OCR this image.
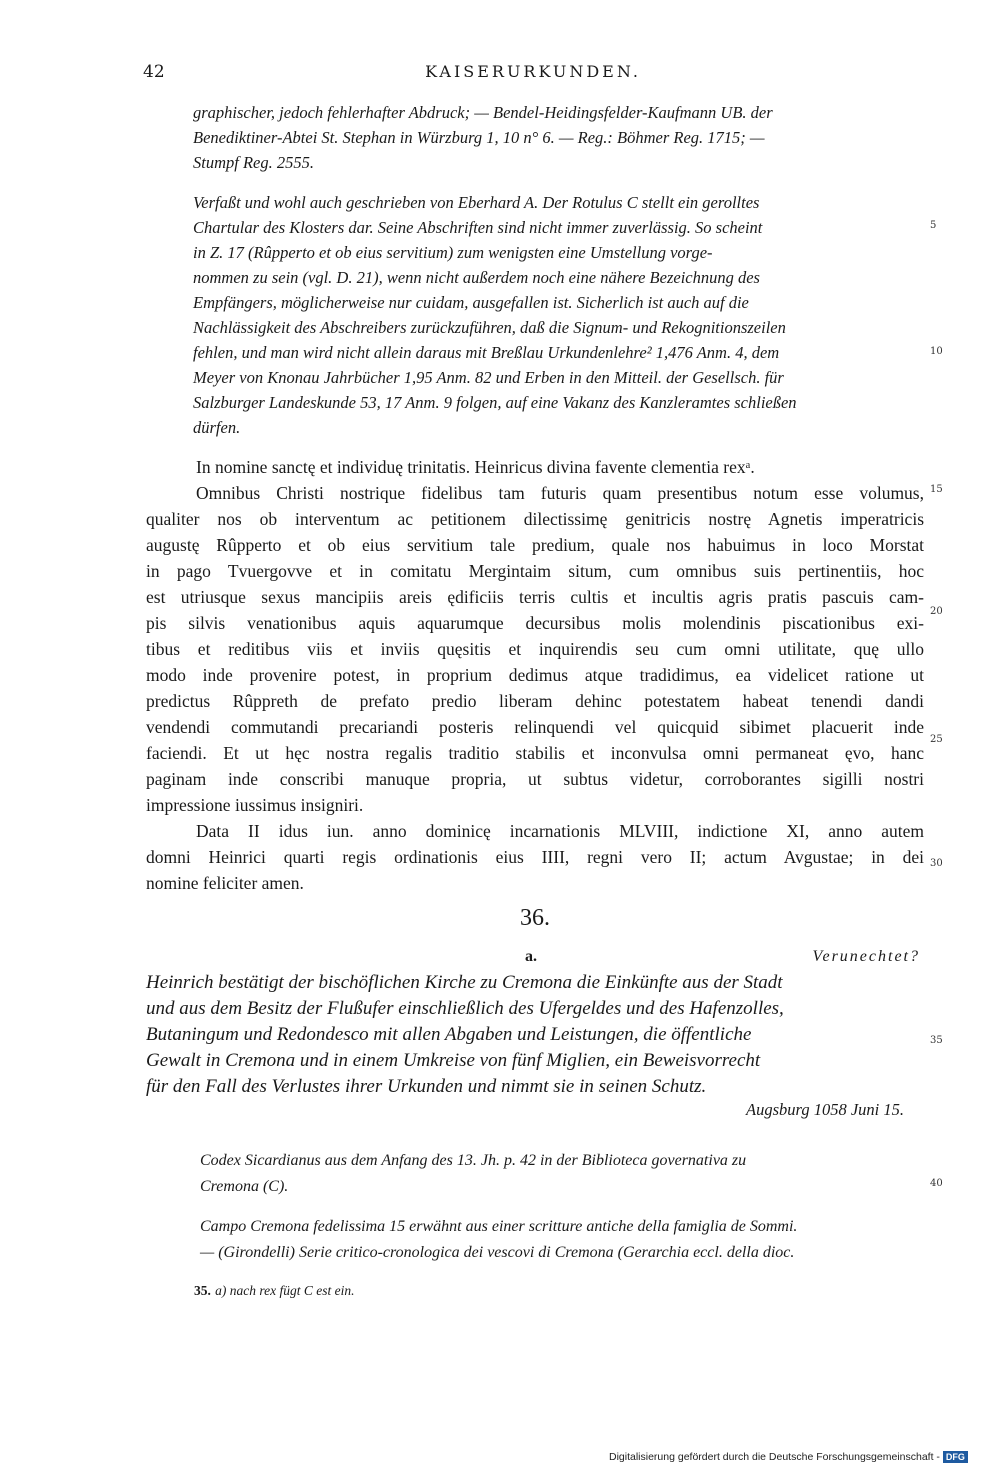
42	KAISERURKUNDEN.
graphischer, jedoch fehlerhafter Abdruck; — Bendel-Heidingsfelder-Kaufmann UB. der
Benediktiner-Abtei St. Stephan in Würzburg 1, 10 n° 6. — Reg.: Böhmer Reg. 1715; —
Stumpf Reg. 2555.
Verfaßt und wohl auch geschrieben von Eberhard A. Der Rotulus C stellt ein gerolltes
Chartular des Klosters dar. Seine Abschriften sind nicht immer zuverlässig. So scheint
in Z. 17 (Rûpperto et ob eius servitium) zum wenigsten eine Umstellung vorge-
nommen zu sein (vgl. D. 21), wenn nicht außerdem noch eine nähere Bezeichnung des
Empfängers, möglicherweise nur cuidam, ausgefallen ist. Sicherlich ist auch auf die
Nachlässigkeit des Abschreibers zurückzuführen, daß die Signum- und Rekognitionszeilen
fehlen, und man wird nicht allein daraus mit Breßlau Urkundenlehre² 1,476 Anm. 4, dem
Meyer von Knonau Jahrbücher 1,95 Anm. 82 und Erben in den Mitteil. der Gesellsch. für
Salzburger Landeskunde 53, 17 Anm. 9 folgen, auf eine Vakanz des Kanzleramtes schließen
dürfen.
In nomine sanctę et individuę trinitatis. Heinricus divina favente clementia rexᵃ.
Omnibus Christi nostrique fidelibus tam futuris quam presentibus notum esse volumus,
qualiter nos ob interventum ac petitionem dilectissimę genitricis nostrę Agnetis imperatricis
augustę Rûpperto et ob eius servitium tale predium, quale nos habuimus in loco Morstat
in pago Tvuergovve et in comitatu Mergintaim situm, cum omnibus suis pertinentiis, hoc
est utriusque sexus mancipiis areis ędificiis terris cultis et incultis agris pratis pascuis cam-
pis silvis venationibus aquis aquarumque decursibus molis molendinis piscationibus exi-
tibus et reditibus viis et inviis quęsitis et inquirendis seu cum omni utilitate, quę ullo
modo inde provenire potest, in proprium dedimus atque tradidimus, ea videlicet ratione ut
predictus Rûppreth de prefato predio liberam dehinc potestatem habeat tenendi dandi
vendendi commutandi precariandi posteris relinquendi vel quicquid sibimet placuerit inde
faciendi. Et ut hęc nostra regalis traditio stabilis et inconvulsa omni permaneat ęvo, hanc
paginam inde conscribi manuque propria, ut subtus videtur, corroborantes sigilli nostri
impressione iussimus insigniri.
Data II idus iun. anno dominicę incarnationis MLVIII, indictione XI, anno autem
domni Heinrici quarti regis ordinationis eius IIII, regni vero II; actum Avgustae; in dei
nomine feliciter amen.
5
10
15
20
25
30
35
40
36.
a.	Verunechtet?
Heinrich bestätigt der bischöflichen Kirche zu Cremona die Einkünfte aus der Stadt
und aus dem Besitz der Flußufer einschließlich des Ufergeldes und des Hafenzolles,
Butaningum und Redondesco mit allen Abgaben und Leistungen, die öffentliche
Gewalt in Cremona und in einem Umkreise von fünf Miglien, ein Beweisvorrecht
für den Fall des Verlustes ihrer Urkunden und nimmt sie in seinen Schutz.
Augsburg 1058 Juni 15.
Codex Sicardianus aus dem Anfang des 13. Jh. p. 42 in der Biblioteca governativa zu
Cremona (C).
Campo Cremona fedelissima 15 erwähnt aus einer scritture antiche della famiglia de Sommi.
— (Girondelli) Serie critico-cronologica dei vescovi di Cremona (Gerarchia eccl. della dioc.
35. a) nach rex fügt C est ein.
Digitalisierung gefördert durch die Deutsche Forschungsgemeinschaft - DFG
